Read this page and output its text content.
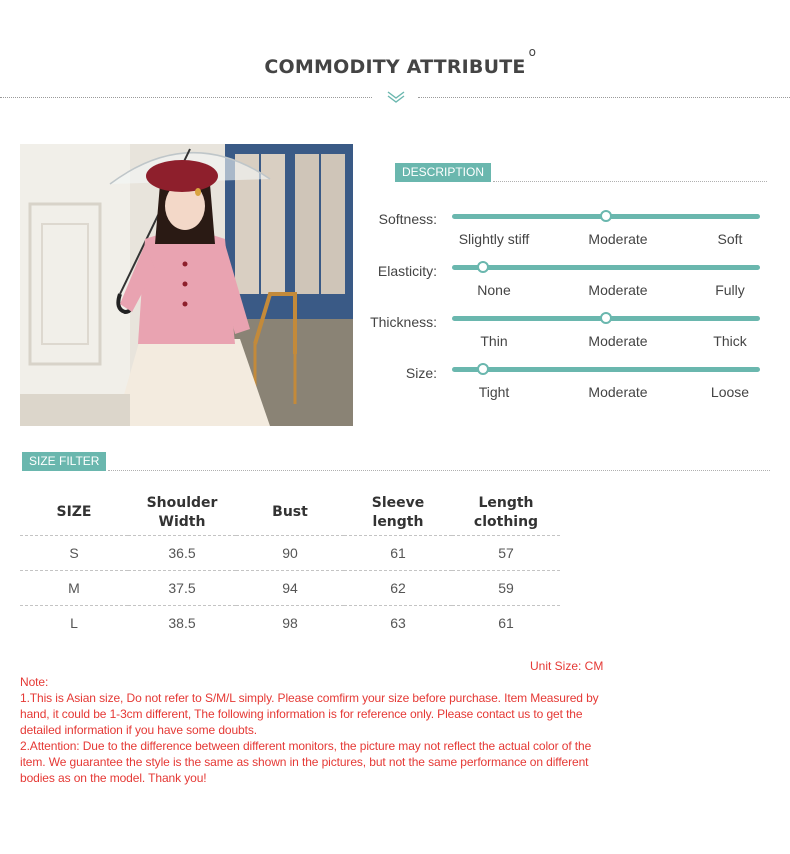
COMMODITY ATTRIBUTE
o
DESCRIPTION
Softness:
Slightly stiff	Moderate	Soft
Elasticity:
None	Moderate	Fully
Thickness:
Thin	Moderate	Thick
Size:
Tight	Moderate	Loose
SIZE FILTER
SIZE	Shoulder Width	Bust	Sleeve length	Length clothing
S	36.5	90	61	57
M	37.5	94	62	59
L	38.5	98	63	61
Unit Size: CM
Note:
1.This is Asian size, Do not refer to S/M/L simply. Please comfirm your size before purchase. Item Measured by hand, it could be 1-3cm different, The following information is for reference only. Please contact us to get the detailed information if you have some doubts.
2.Attention: Due to the difference between different monitors, the picture may not reflect the actual color of the item. We guarantee the style is the same as shown in the pictures, but not the same performance on different bodies as on the model. Thank you!
